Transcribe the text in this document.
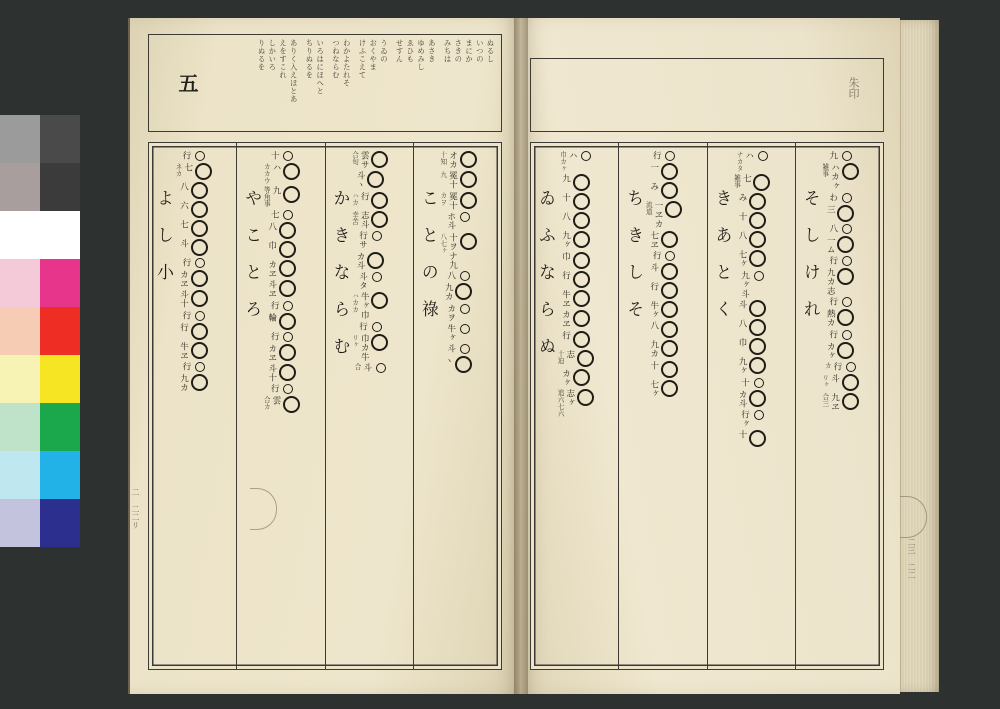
ぬるし
いつの
まにか
さきの
みちは
あさき
ゆめみし
ゑひも
せすん
うゐの
おくやま
けふこえて
わかよたれそ
つねならむ
いろはにほへと
ちりぬるを
ありく入えほとあ
えをすこれ
しかいろ
りぬるを
五
十知 オカ
九 冕十
カヲ 冕十
ホ斗
八七ヶ 十ヲナ九
八
九カ
カヲ
牛ヶ
斗
ヽ
こ と の 祿
合旬 雲サ
斗ヽ
ハカ 行
幸苦 志斗
行サ
カ斗
斗タ
ハカカ 牛ヶ巾
行
リヶ 巾カ牛
合 斗
か き な ら む
十
カカウ ハ
等角事 九
七
八
巾
カヱ
斗ヱ
行
輪
行
カヱ
斗十
行
合カ 雲
や こ と ろ
行
ネカ 七
八
六
七
斗
行
カヱ
斗十
行
行
牛ヱ
行
九カ
よ し 小
朱印
九
雑事 ハカヶ
わ
三
八
一ム
行
九カ志
行
熱カ
行
カヶ
カ 行
リヶ 斗
合三 九ヱ
そ し け れ
ナカタ ハ
雑事 七
み
十
八
七ヶ
九ヶ斗
斗
八
巾
九ヶ
十
カ斗
行ヶ
十
き あ と く
行
一
み
流道 一ヱカ
七ヱ
行
斗
行
牛ヶ
八
九カ
十
七ヶ
ち き し そ
巾カヶ ハ
九
十
八
九ヶ
巾
行
牛ヱ
カヱ
行
十迫 志
カヶ
追六七六 志ヶ
ゐ ふ な ら ぬ
二 二二リ
二三 二二
